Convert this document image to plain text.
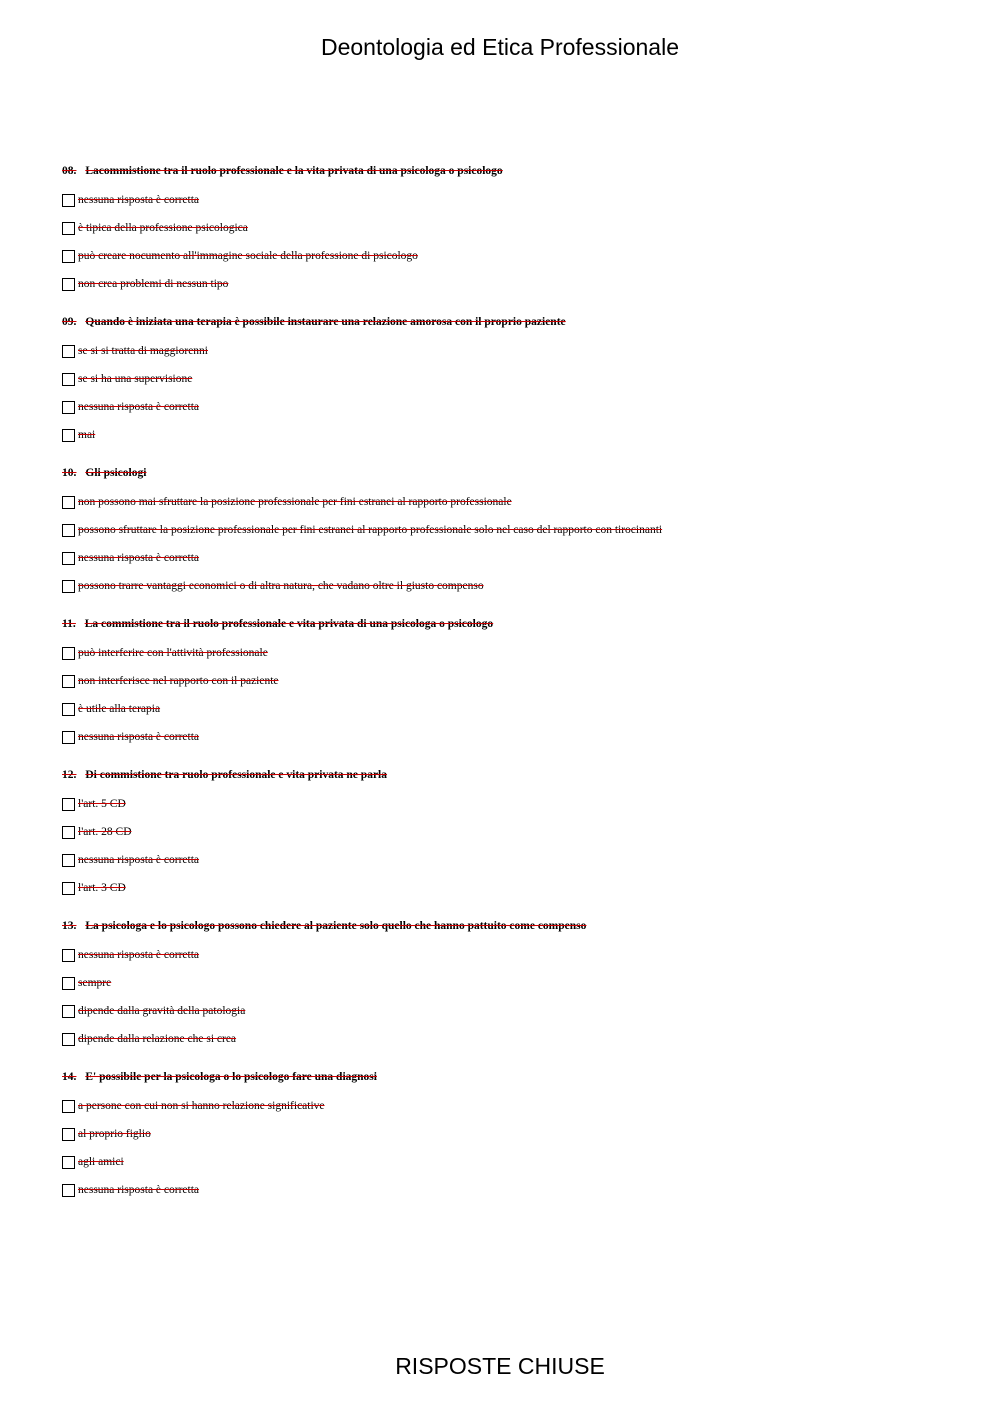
Deontologia ed Etica Professionale
08. Lacommistione tra il ruolo professionale e la vita privata di una psicologa o psicologo
nessuna risposta è corretta
è tipica della professione psicologica
può creare nocumento all'immagine sociale della professione di psicologo
non crea problemi di nessun tipo
09. Quando è iniziata una terapia è possibile instaurare una relazione amorosa con il proprio paziente
se si si tratta di maggiorenni
se si ha una supervisione
nessuna risposta è corretta
mai
10. Gli psicologi
non possono mai sfruttare la posizione professionale per fini estranei al rapporto professionale
possono sfruttare la posizione professionale per fini estranei al rapporto professionale solo nel caso del rapporto con tirocinanti
nessuna risposta è corretta
possono trarre vantaggi economici o di altra natura, che vadano oltre il giusto compenso
11. La commistione tra il ruolo professionale e vita privata di una psicologa o psicologo
può interferire con l'attività professionale
non interferisce nel rapporto con il paziente
è utile alla terapia
nessuna risposta è corretta
12. Di commistione tra ruolo professionale e vita privata ne parla
l'art. 5 CD
l'art. 28 CD
nessuna risposta è corretta
l'art. 3 CD
13. La psicologa e lo psicologo possono chiedere al paziente solo quello che hanno pattuito come compenso
nessuna risposta è corretta
sempre
dipende dalla gravità della patologia
dipende dalla relazione che si crea
14. E' possibile per la psicologa o lo psicologo fare una diagnosi
a persone con cui non si hanno relazione significative
al proprio figlio
agli amici
nessuna risposta è corretta
RISPOSTE CHIUSE
